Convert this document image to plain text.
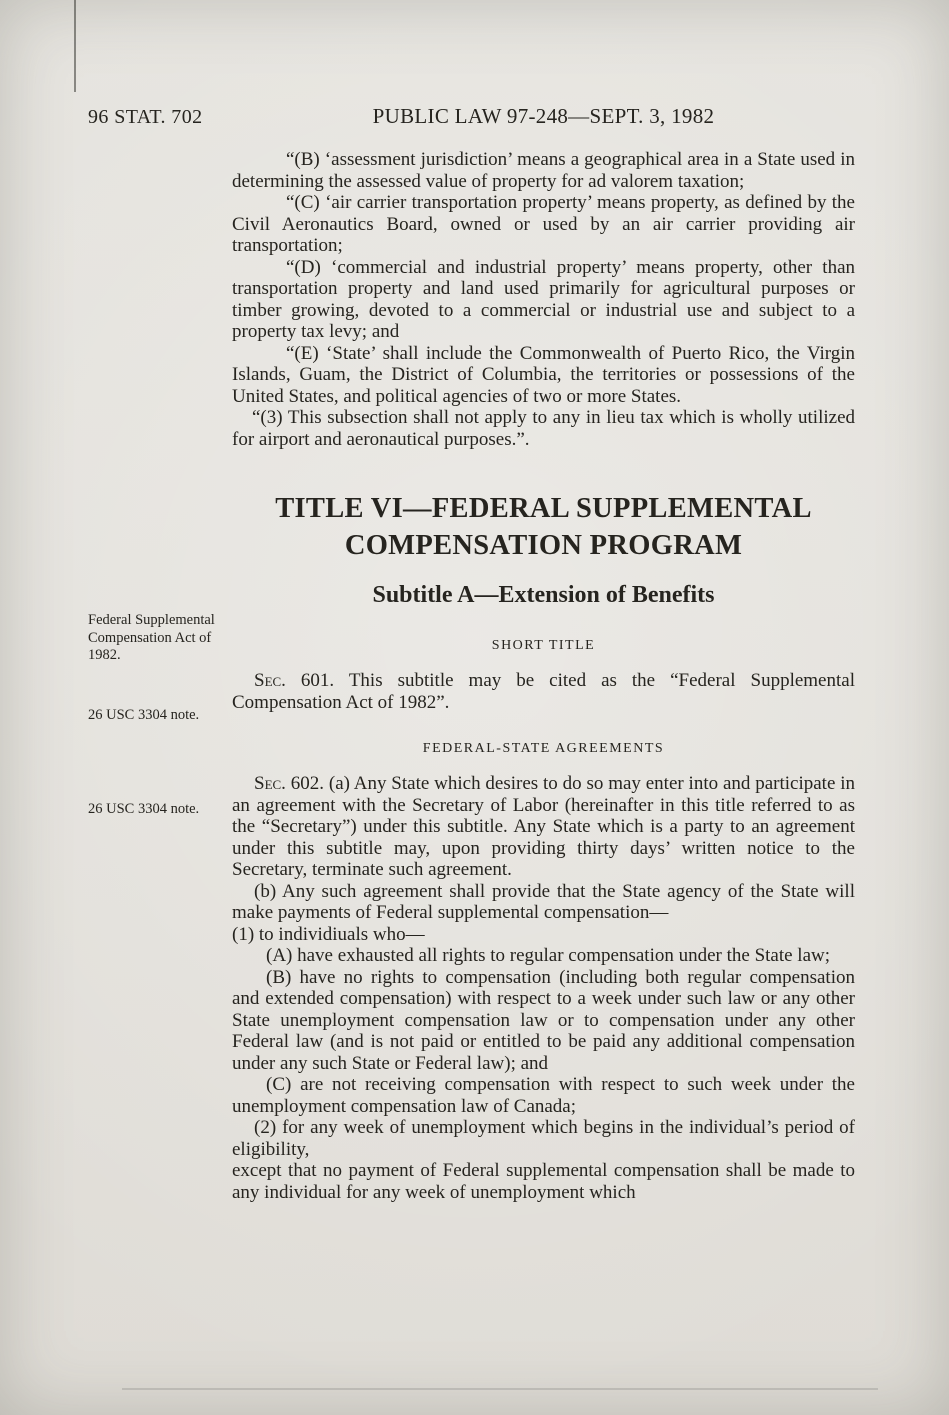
96 STAT. 702	PUBLIC LAW 97-248—SEPT. 3, 1982
Federal Supplemental Compensation Act of 1982.
26 USC 3304 note.
26 USC 3304 note.

“(B) ‘assessment jurisdiction’ means a geographical area in a State used in determining the assessed value of property for ad valorem taxation;

“(C) ‘air carrier transportation property’ means property, as defined by the Civil Aeronautics Board, owned or used by an air carrier providing air transportation;

“(D) ‘commercial and industrial property’ means property, other than transportation property and land used primarily for agricultural purposes or timber growing, devoted to a commercial or industrial use and subject to a property tax levy; and

“(E) ‘State’ shall include the Commonwealth of Puerto Rico, the Virgin Islands, Guam, the District of Columbia, the territories or possessions of the United States, and political agencies of two or more States.

“(3) This subsection shall not apply to any in lieu tax which is wholly utilized for airport and aeronautical purposes.”.

TITLE VI—FEDERAL SUPPLEMENTAL
COMPENSATION PROGRAM
Subtitle A—Extension of Benefits
SHORT TITLE

Sec. 601. This subtitle may be cited as the “Federal Supplemental Compensation Act of 1982”.

FEDERAL-STATE AGREEMENTS

Sec. 602. (a) Any State which desires to do so may enter into and participate in an agreement with the Secretary of Labor (hereinafter in this title referred to as the “Secretary”) under this subtitle. Any State which is a party to an agreement under this subtitle may, upon providing thirty days’ written notice to the Secretary, terminate such agreement.

(b) Any such agreement shall provide that the State agency of the State will make payments of Federal supplemental compensation—

(1) to individiuals who—

(A) have exhausted all rights to regular compensation under the State law;

(B) have no rights to compensation (including both regular compensation and extended compensation) with respect to a week under such law or any other State unemployment compensation law or to compensation under any other Federal law (and is not paid or entitled to be paid any additional compensation under any such State or Federal law); and

(C) are not receiving compensation with respect to such week under the unemployment compensation law of Canada;

(2) for any week of unemployment which begins in the individual’s period of eligibility,

except that no payment of Federal supplemental compensation shall be made to any individual for any week of unemployment which
